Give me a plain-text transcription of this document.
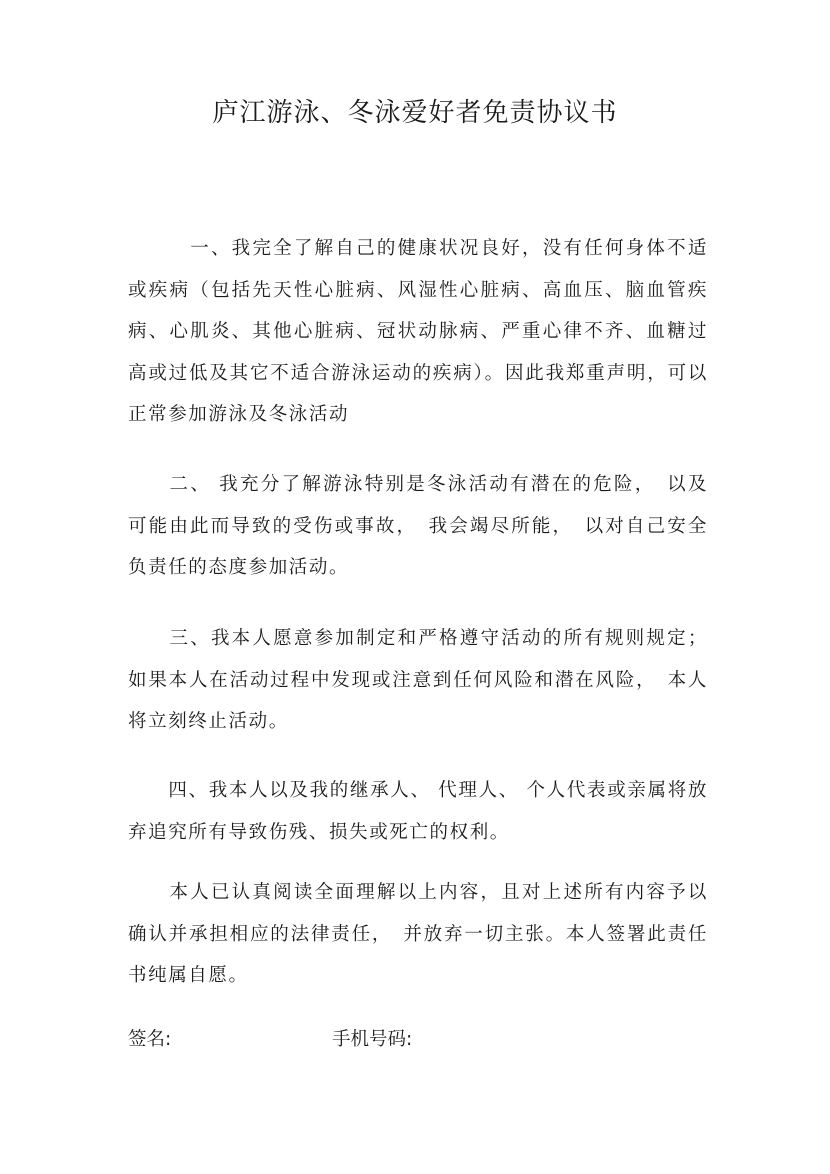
庐江游泳、冬泳爱好者免责协议书

　　　一、我完全了解自己的健康状况良好，没有任何身体不适或疾病（包括先天性心脏病、风湿性心脏病、高血压、脑血管疾病、心肌炎、其他心脏病、冠状动脉病、严重心律不齐、血糖过高或过低及其它不适合游泳运动的疾病）。因此我郑重声明，可以正常参加游泳及冬泳活动

　　二、 我充分了解游泳特别是冬泳活动有潜在的危险，　以及可能由此而导致的受伤或事故，　我会竭尽所能，　以对自己安全负责任的态度参加活动。

　　三、我本人愿意参加制定和严格遵守活动的所有规则规定；如果本人在活动过程中发现或注意到任何风险和潜在风险，　本人将立刻终止活动。

　　四、我本人以及我的继承人、 代理人、 个人代表或亲属将放弃追究所有导致伤残、损失或死亡的权利。

　　本人已认真阅读全面理解以上内容，且对上述所有内容予以确认并承担相应的法律责任，　并放弃一切主张。本人签署此责任书纯属自愿。

签名:	手机号码:
